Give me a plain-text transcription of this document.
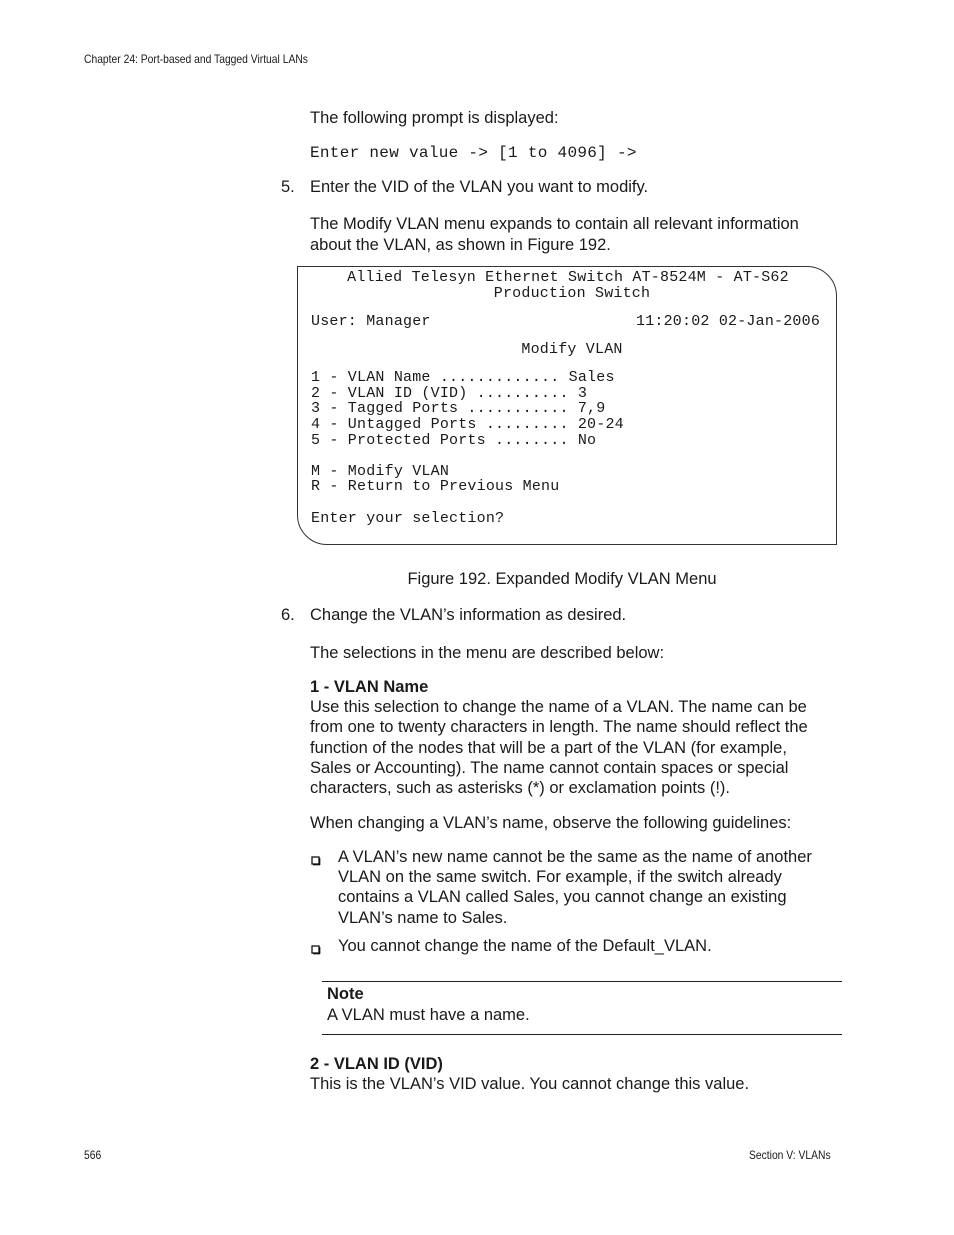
Chapter 24: Port-based and Tagged Virtual LANs
The following prompt is displayed:
Enter new value -> [1 to 4096] ->
5. Enter the VID of the VLAN you want to modify.
The Modify VLAN menu expands to contain all relevant information
about the VLAN, as shown in Figure 192.
Allied Telesyn Ethernet Switch AT-8524M - AT-S62
Production Switch
User: Manager	11:20:02 02-Jan-2006
Modify VLAN
1 - VLAN Name ............. Sales
2 - VLAN ID (VID) .......... 3
3 - Tagged Ports ........... 7,9
4 - Untagged Ports ......... 20-24
5 - Protected Ports ........ No
M - Modify VLAN
R - Return to Previous Menu
Enter your selection?
Figure 192. Expanded Modify VLAN Menu
6. Change the VLAN’s information as desired.
The selections in the menu are described below:
1 - VLAN Name
Use this selection to change the name of a VLAN. The name can be
from one to twenty characters in length. The name should reflect the
function of the nodes that will be a part of the VLAN (for example,
Sales or Accounting). The name cannot contain spaces or special
characters, such as asterisks (*) or exclamation points (!).
When changing a VLAN’s name, observe the following guidelines:
A VLAN’s new name cannot be the same as the name of another
VLAN on the same switch. For example, if the switch already
contains a VLAN called Sales, you cannot change an existing
VLAN’s name to Sales.
You cannot change the name of the Default_VLAN.
Note
A VLAN must have a name.
2 - VLAN ID (VID)
This is the VLAN’s VID value. You cannot change this value.
566	Section V: VLANs
